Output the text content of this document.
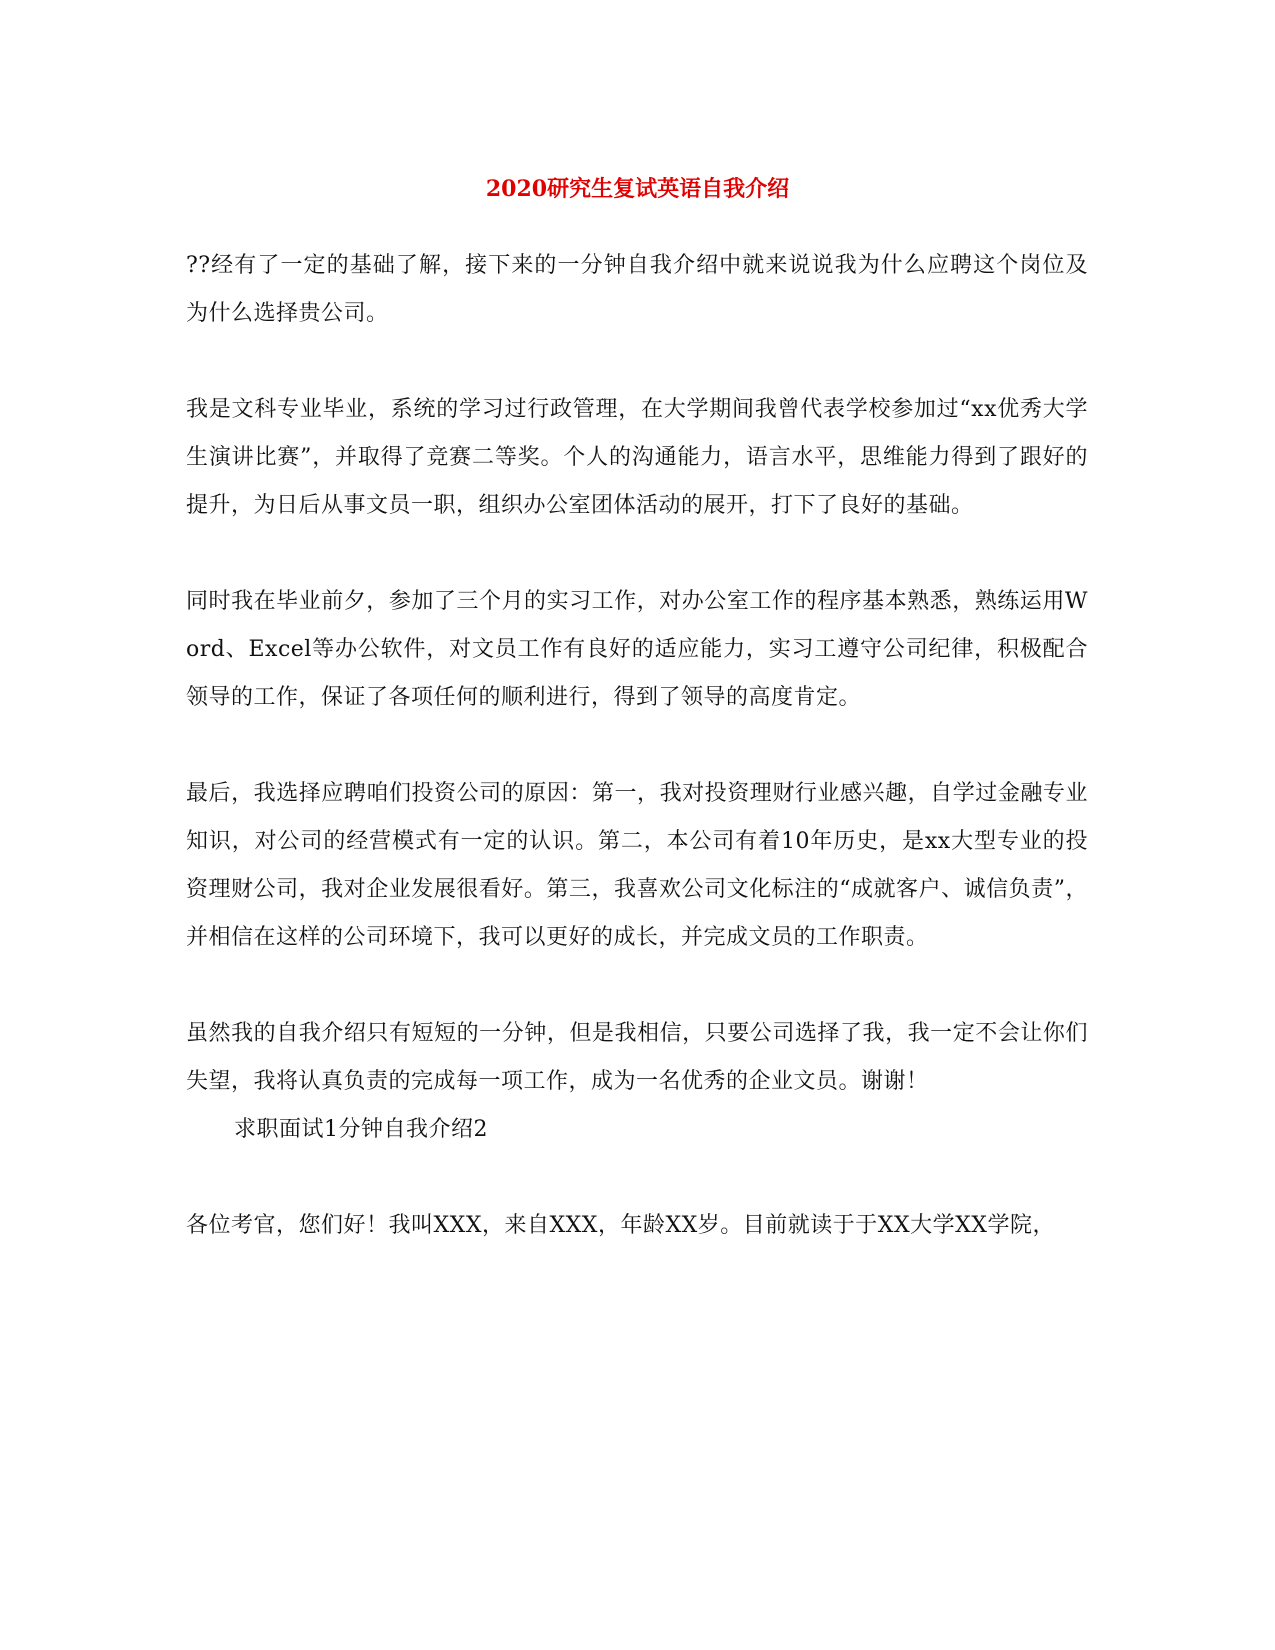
2020研究生复试英语自我介绍

??经有了一定的基础了解，接下来的一分钟自我介绍中就来说说我为什么应聘这个岗位及为什么选择贵公司。

我是文科专业毕业，系统的学习过行政管理，在大学期间我曾代表学校参加过“xx优秀大学生演讲比赛”，并取得了竞赛二等奖。个人的沟通能力，语言水平，思维能力得到了跟好的提升，为日后从事文员一职，组织办公室团体活动的展开，打下了良好的基础。

同时我在毕业前夕，参加了三个月的实习工作，对办公室工作的程序基本熟悉，熟练运用Word、Excel等办公软件，对文员工作有良好的适应能力，实习工遵守公司纪律，积极配合领导的工作，保证了各项任何的顺利进行，得到了领导的高度肯定。

最后，我选择应聘咱们投资公司的原因：第一，我对投资理财行业感兴趣，自学过金融专业知识，对公司的经营模式有一定的认识。第二，本公司有着10年历史，是xx大型专业的投资理财公司，我对企业发展很看好。第三，我喜欢公司文化标注的“成就客户、诚信负责”，并相信在这样的公司环境下，我可以更好的成长，并完成文员的工作职责。

虽然我的自我介绍只有短短的一分钟，但是我相信，只要公司选择了我，我一定不会让你们失望，我将认真负责的完成每一项工作，成为一名优秀的企业文员。谢谢！

求职面试1分钟自我介绍2

各位考官，您们好！我叫XXX，来自XXX，年龄XX岁。目前就读于于XX大学XX学院，
